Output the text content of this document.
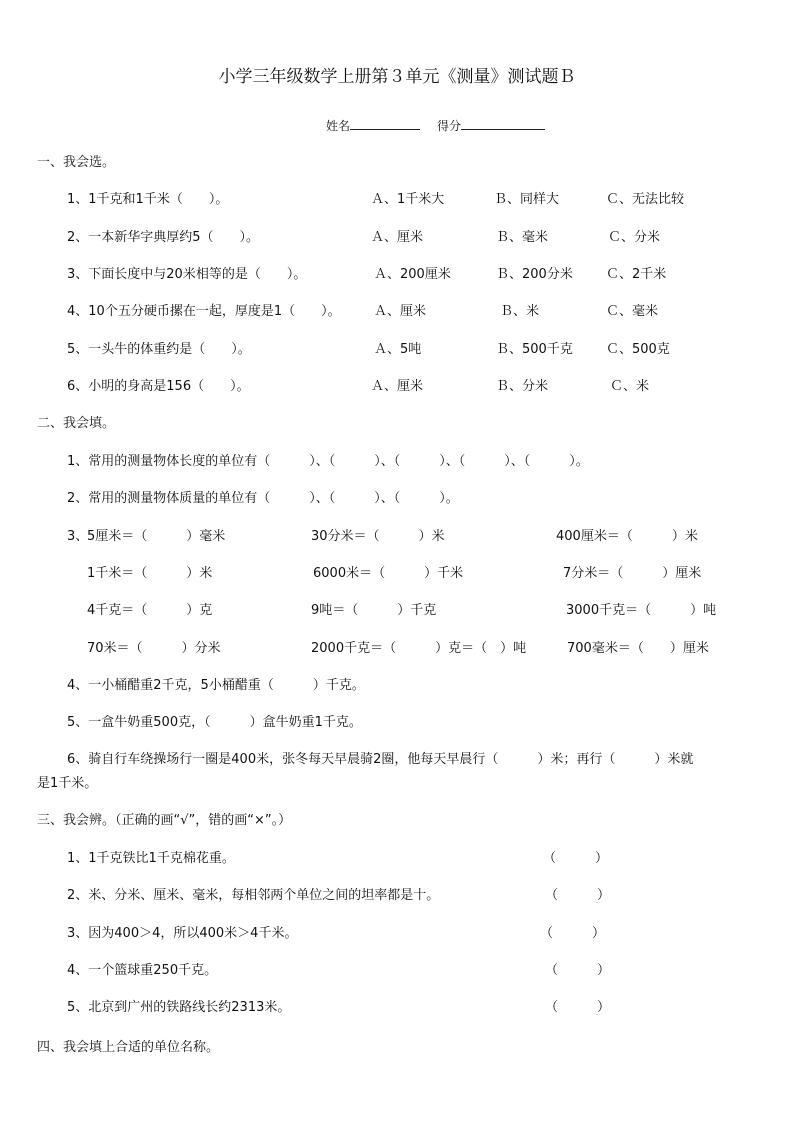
小学三年级数学上册第３单元《测量》测试题Ｂ
姓名	得分
一、我会选。
1、1千克和1千米（　　）。	Ａ、1千米大	Ｂ、同样大	Ｃ、无法比较
2、一本新华字典厚约5（　　）。	Ａ、厘米	Ｂ、毫米	Ｃ、分米
3、下面长度中与20米相等的是（　　）。	Ａ、200厘米	Ｂ、200分米	Ｃ、2千米
4、10个五分硬币摞在一起，厚度是1（　　）。	Ａ、厘米	Ｂ、米	Ｃ、毫米
5、一头牛的体重约是（　　）。	Ａ、5吨	Ｂ、500千克	Ｃ、500克
6、小明的身高是156（　　）。	Ａ、厘米	Ｂ、分米	Ｃ、米
二、我会填。
1、常用的测量物体长度的单位有（　　　）、（　　　）、（　　　）、（　　　）、（　　　）。
2、常用的测量物体质量的单位有（　　　）、（　　　）、（　　　）。
3、
5厘米＝（　　　）毫米	30分米＝（　　　）米	400厘米＝（　　　）米
1千米＝（　　　）米	6000米＝（　　　）千米	7分米＝（　　　）厘米
4千克＝（　　　）克	9吨＝（　　　）千克	3000千克＝（　　　）吨
70米＝（　　　）分米	2000千克＝（　　　）克＝（　）吨	700毫米＝（　　）厘米
4、一小桶醋重2千克，5小桶醋重（　　　）千克。
5、一盒牛奶重500克，（　　　）盒牛奶重1千克。
6、骑自行车绕操场行一圈是400米，张冬每天早晨骑2圈，他每天早晨行（　　　）米；再行（　　　）米就
是1千米。
三、我会辨。（正确的画“√”，错的画“×”。）
1、1千克铁比1千克棉花重。	（　　　）
2、米、分米、厘米、毫米，每相邻两个单位之间的坦率都是十。	（　　　）
3、因为400＞4，所以400米＞4千米。	（　　　）
4、一个篮球重250千克。	（　　　）
5、北京到广州的铁路线长约2313米。	（　　　）
四、我会填上合适的单位名称。
